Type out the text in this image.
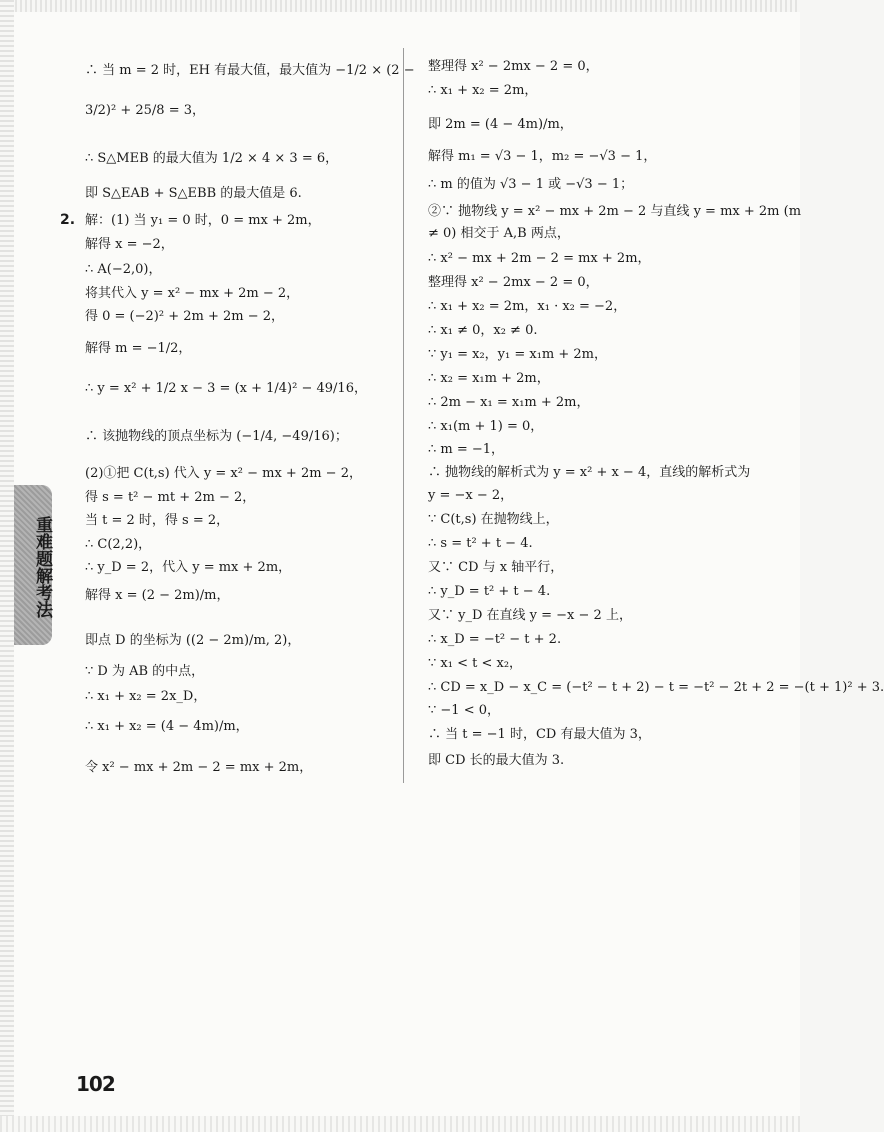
重难题解考法
2.
∴ 当 m = 2 时，EH 有最大值，最大值为 −1/2 × (2 −
3/2)² + 25/8 = 3，
∴ S△MEB 的最大值为 1/2 × 4 × 3 = 6，
即 S△EAB + S△EBB 的最大值是 6.
解：(1) 当 y₁ = 0 时，0 = mx + 2m，
解得 x = −2，
∴ A(−2,0)，
将其代入 y = x² − mx + 2m − 2，
得 0 = (−2)² + 2m + 2m − 2，
解得 m = −1/2，
∴ y = x² + 1/2 x − 3 = (x + 1/4)² − 49/16，
∴ 该抛物线的顶点坐标为 (−1/4, −49/16)；
(2)①把 C(t,s) 代入 y = x² − mx + 2m − 2，
得 s = t² − mt + 2m − 2，
当 t = 2 时，得 s = 2，
∴ C(2,2)，
∴ y_D = 2，代入 y = mx + 2m，
解得 x = (2 − 2m)/m，
即点 D 的坐标为 ((2 − 2m)/m, 2)，
∵ D 为 AB 的中点，
∴ x₁ + x₂ = 2x_D，
∴ x₁ + x₂ = (4 − 4m)/m，
令 x² − mx + 2m − 2 = mx + 2m，
整理得 x² − 2mx − 2 = 0，
∴ x₁ + x₂ = 2m，
即 2m = (4 − 4m)/m，
解得 m₁ = √3 − 1，m₂ = −√3 − 1，
∴ m 的值为 √3 − 1 或 −√3 − 1；
②∵ 抛物线 y = x² − mx + 2m − 2 与直线 y = mx + 2m (m
≠ 0) 相交于 A,B 两点，
∴ x² − mx + 2m − 2 = mx + 2m，
整理得 x² − 2mx − 2 = 0，
∴ x₁ + x₂ = 2m，x₁ · x₂ = −2，
∴ x₁ ≠ 0，x₂ ≠ 0.
∵ y₁ = x₂，y₁ = x₁m + 2m，
∴ x₂ = x₁m + 2m，
∴ 2m − x₁ = x₁m + 2m，
∴ x₁(m + 1) = 0，
∴ m = −1，
∴ 抛物线的解析式为 y = x² + x − 4，直线的解析式为
y = −x − 2，
∵ C(t,s) 在抛物线上，
∴ s = t² + t − 4.
又∵ CD 与 x 轴平行，
∴ y_D = t² + t − 4.
又∵ y_D 在直线 y = −x − 2 上，
∴ x_D = −t² − t + 2.
∵ x₁ < t < x₂，
∴ CD = x_D − x_C = (−t² − t + 2) − t = −t² − 2t + 2 = −(t + 1)² + 3.
∵ −1 < 0，
∴ 当 t = −1 时，CD 有最大值为 3，
即 CD 长的最大值为 3.
102
